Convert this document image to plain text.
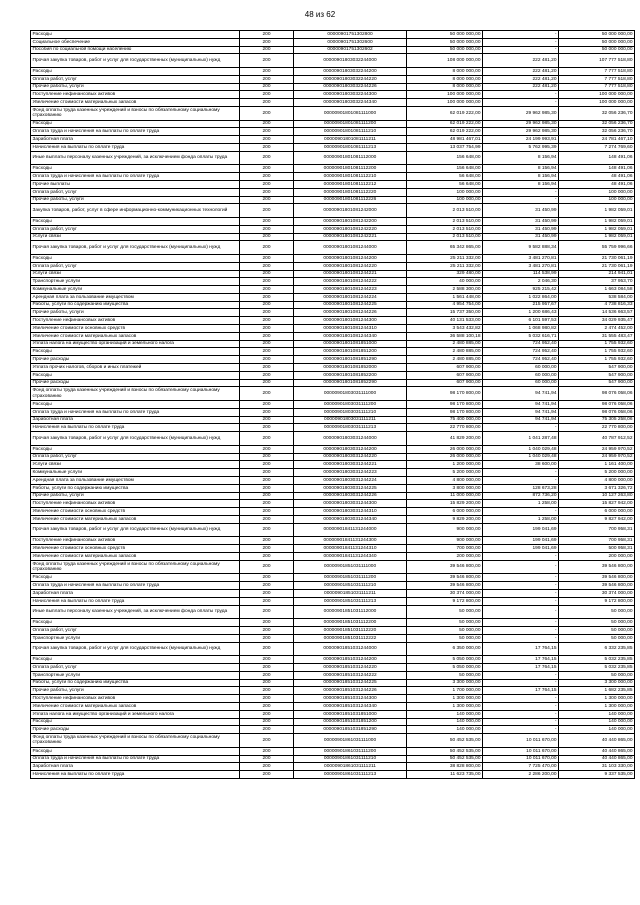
48 из 62
Расходы	200	00000901751302800	50 000 000,00	-	50 000 000,00
Социальное обеспечение	200	00000901751302600	50 000 000,00	-	50 000 000,00
Пособия по социальной помощи населению	200	00000901751302602	50 000 000,00	-	50 000 000,00
Прочая закупка товаров, работ и услуг для государственных (муниципальных) нужд	200	00000901803032244000	108 000 000,00	222 481,20	107 777 518,80
Расходы	200	00000901803032244200	8 000 000,00	222 481,20	7 777 518,80
Оплата работ, услуг	200	00000901803032244220	8 000 000,00	222 481,20	7 777 518,80
Прочие работы, услуги	200	00000901803032244226	8 000 000,00	222 481,20	7 777 518,80
Поступление нефинансовых активов	200	00000901803032244300	100 000 000,00	-	100 000 000,00
Увеличение стоимости материальных запасов	200	00000901803032244340	100 000 000,00	-	100 000 000,00
Фонд оплаты труда казенных учреждений и взносы по обязательному социальному страхованию	200	00000901801081111000	62 019 222,00	29 962 985,30	32 056 236,70
Расходы	200	00000901801081111200	62 019 222,00	29 962 985,30	32 056 236,70
Оплата труда и начисления на выплаты по оплате труда	200	00000901801081111210	62 019 222,00	29 962 985,30	32 056 236,70
Заработная плата	200	00000901801081111211	48 981 467,01	24 199 993,91	24 781 467,10
Начисления на выплаты по оплате труда	200	00000901801081111213	13 037 754,99	5 762 995,39	7 274 769,60
Иные выплаты персоналу казенных учреждений, за исключением фонда оплаты труда	200	00000901801081112000	156 648,00	8 156,94	148 491,06
Расходы	200	00000901801081112200	156 648,00	8 156,94	148 491,06
Оплата труда и начисления на выплаты по оплате труда	200	00000901801081112210	56 648,00	8 156,94	48 491,06
Прочие выплаты	200	00000901801081112212	56 648,00	8 156,94	48 491,06
Оплата работ, услуг	200	00000901801081112220	100 000,00	-	100 000,00
Прочие работы, услуги	200	00000901801081112226	100 000,00	-	100 000,00
Закупка товаров, работ, услуг в сфере информационно-коммуникационных технологий	200	00000901801081242000	2 013 510,00	31 450,99	1 982 059,01
Расходы	200	00000901801081242200	2 013 510,00	31 450,99	1 982 059,01
Оплата работ, услуг	200	00000901801081242220	2 013 510,00	31 450,99	1 982 059,01
Услуги связи	200	00000901801081242221	2 013 510,00	31 450,99	1 982 059,01
Прочая закупка товаров, работ и услуг для государственных (муниципальных) нужд	200	00000901801081244000	65 342 865,00	9 582 888,34	55 759 996,66
Расходы	200	00000901801081244200	25 211 332,00	3 481 270,81	21 730 061,19
Оплата работ, услуг	200	00000901801081244220	25 211 332,00	3 481 270,81	21 730 061,19
Услуги связи	200	00000901801081244221	329 480,00	114 538,99	214 941,01
Транспортные услуги	200	00000901801081244222	40 000,00	2 046,30	37 953,70
Коммунальные услуги	200	00000901801081244223	2 588 300,00	925 215,42	1 663 084,58
Арендная плата за пользование имуществом	200	00000901801081244224	1 561 448,00	1 022 864,00	538 584,00
Работы, услуги по содержанию имущества	200	00000901801081244225	4 954 754,00	215 957,67	4 738 816,33
Прочие работы, услуги	200	00000901801081244226	15 737 350,00	1 200 686,43	14 536 663,57
Поступление нефинансовых активов	200	00000901801081244300	40 131 533,00	6 101 597,53	34 029 935,47
Увеличение стоимости основных средств	200	00000901801081244310	3 543 432,82	1 068 980,82	2 474 452,00
Увеличение стоимости материальных запасов	200	00000901801081244340	36 588 100,18	5 032 616,71	31 555 483,47
Уплата налога на имущество организаций и земельного налога	200	00000901801081851000	2 480 885,00	724 952,40	1 755 932,60
Расходы	200	00000901801081851200	2 480 885,00	724 952,40	1 755 932,60
Прочие расходы	200	00000901801081851290	2 480 885,00	724 952,40	1 755 932,60
Уплата прочих налогов, сборов и иных платежей	200	00000901801081852000	607 900,00	60 000,00	547 900,00
Расходы	200	00000901801081852200	607 900,00	60 000,00	547 900,00
Прочие расходы	200	00000901801081852290	607 900,00	60 000,00	547 900,00
Фонд оплаты труда казенных учреждений и взносы по обязательному социальному страхованию	200	00000901803031111000	98 170 800,00	94 741,94	98 076 058,06
Расходы	200	00000901803031111200	98 170 800,00	94 741,94	98 076 058,06
Оплата труда и начисления на выплаты по оплате труда	200	00000901803031111210	98 170 800,00	94 741,94	98 076 058,06
Заработная плата	200	00000901803031111211	75 400 000,00	94 741,94	75 305 258,06
Начисления на выплаты по оплате труда	200	00000901803031111213	22 770 800,00	-	22 770 800,00
Прочая закупка товаров, работ и услуг для государственных (муниципальных) нужд	200	00000901803031244000	41 829 200,00	1 041 287,48	40 787 912,52
Расходы	200	00000901803031244200	26 000 000,00	1 040 029,48	24 959 970,52
Оплата работ, услуг	200	00000901803031244220	26 000 000,00	1 040 029,48	24 959 970,52
Услуги связи	200	00000901803031244221	1 200 000,00	38 600,00	1 161 400,00
Коммунальные услуги	200	00000901803031244223	5 200 000,00	-	5 200 000,00
Арендная плата за пользование имуществом	200	00000901803031244224	4 800 000,00	-	4 800 000,00
Работы, услуги по содержанию имущества	200	00000901803031244225	3 800 000,00	128 673,28	3 671 326,72
Прочие работы, услуги	200	00000901803031244226	11 000 000,00	872 736,20	10 127 263,80
Поступление нефинансовых активов	200	00000901803031244300	15 829 200,00	1 258,00	15 827 942,00
Увеличение стоимости основных средств	200	00000901803031244310	6 000 000,00	-	6 000 000,00
Увеличение стоимости материальных запасов	200	00000901803031244340	9 829 200,00	1 258,00	9 827 942,00
Прочая закупка товаров, работ и услуг для государственных (муниципальных) нужд	200	00000901841131244000	900 000,00	199 041,69	700 958,31
Поступление нефинансовых активов	200	00000901841131244300	900 000,00	199 041,69	700 958,31
Увеличение стоимости основных средств	200	00000901841131244310	700 000,00	199 041,69	500 958,31
Увеличение стоимости материальных запасов	200	00000901841131244340	200 000,00	-	200 000,00
Фонд оплаты труда казенных учреждений и взносы по обязательному социальному страхованию	200	00000901851031111000	39 546 800,00	-	39 546 800,00
Расходы	200	00000901851031111200	39 546 800,00	-	39 546 800,00
Оплата труда и начисления на выплаты по оплате труда	200	00000901851031111210	39 546 800,00	-	39 546 800,00
Заработная плата	200	00000901851031111211	30 374 000,00	-	30 374 000,00
Начисления на выплаты по оплате труда	200	00000901851031111213	9 172 800,00	-	9 172 800,00
Иные выплаты персоналу казенных учреждений, за исключением фонда оплаты труда	200	00000901851031112000	50 000,00	-	50 000,00
Расходы	200	00000901851031112200	50 000,00	-	50 000,00
Оплата работ, услуг	200	00000901851031112220	50 000,00	-	50 000,00
Транспортные услуги	200	00000901851031112222	50 000,00	-	50 000,00
Прочая закупка товаров, работ и услуг для государственных (муниципальных) нужд	200	00000901851031244000	6 350 000,00	17 764,15	6 332 235,85
Расходы	200	00000901851031244200	5 050 000,00	17 764,15	5 032 235,85
Оплата работ, услуг	200	00000901851031244220	5 050 000,00	17 764,15	5 032 235,85
Транспортные услуги	200	00000901851031244222	50 000,00	-	50 000,00
Работы, услуги по содержанию имущества	200	00000901851031244225	3 300 000,00	-	3 300 000,00
Прочие работы, услуги	200	00000901851031244226	1 700 000,00	17 764,15	1 682 235,85
Поступление нефинансовых активов	200	00000901851031244300	1 300 000,00	-	1 300 000,00
Увеличение стоимости материальных запасов	200	00000901851031244340	1 300 000,00	-	1 300 000,00
Уплата налога на имущество организаций и земельного налога	200	00000901851031851000	140 000,00	-	140 000,00
Расходы	200	00000901851031851200	140 000,00	-	140 000,00
Прочие расходы	200	00000901851031851290	140 000,00	-	140 000,00
Фонд оплаты труда казенных учреждений и взносы по обязательному социальному страхованию	200	00000901861031111000	50 452 535,00	10 011 670,00	40 440 865,00
Расходы	200	00000901861031111200	50 452 535,00	10 011 670,00	40 440 865,00
Оплата труда и начисления на выплаты по оплате труда	200	00000901861031111210	50 452 535,00	10 011 670,00	40 440 865,00
Заработная плата	200	00000901861031111211	38 828 800,00	7 725 470,00	31 103 330,00
Начисления на выплаты по оплате труда	200	00000901861031111213	11 623 735,00	2 286 200,00	9 337 535,00
